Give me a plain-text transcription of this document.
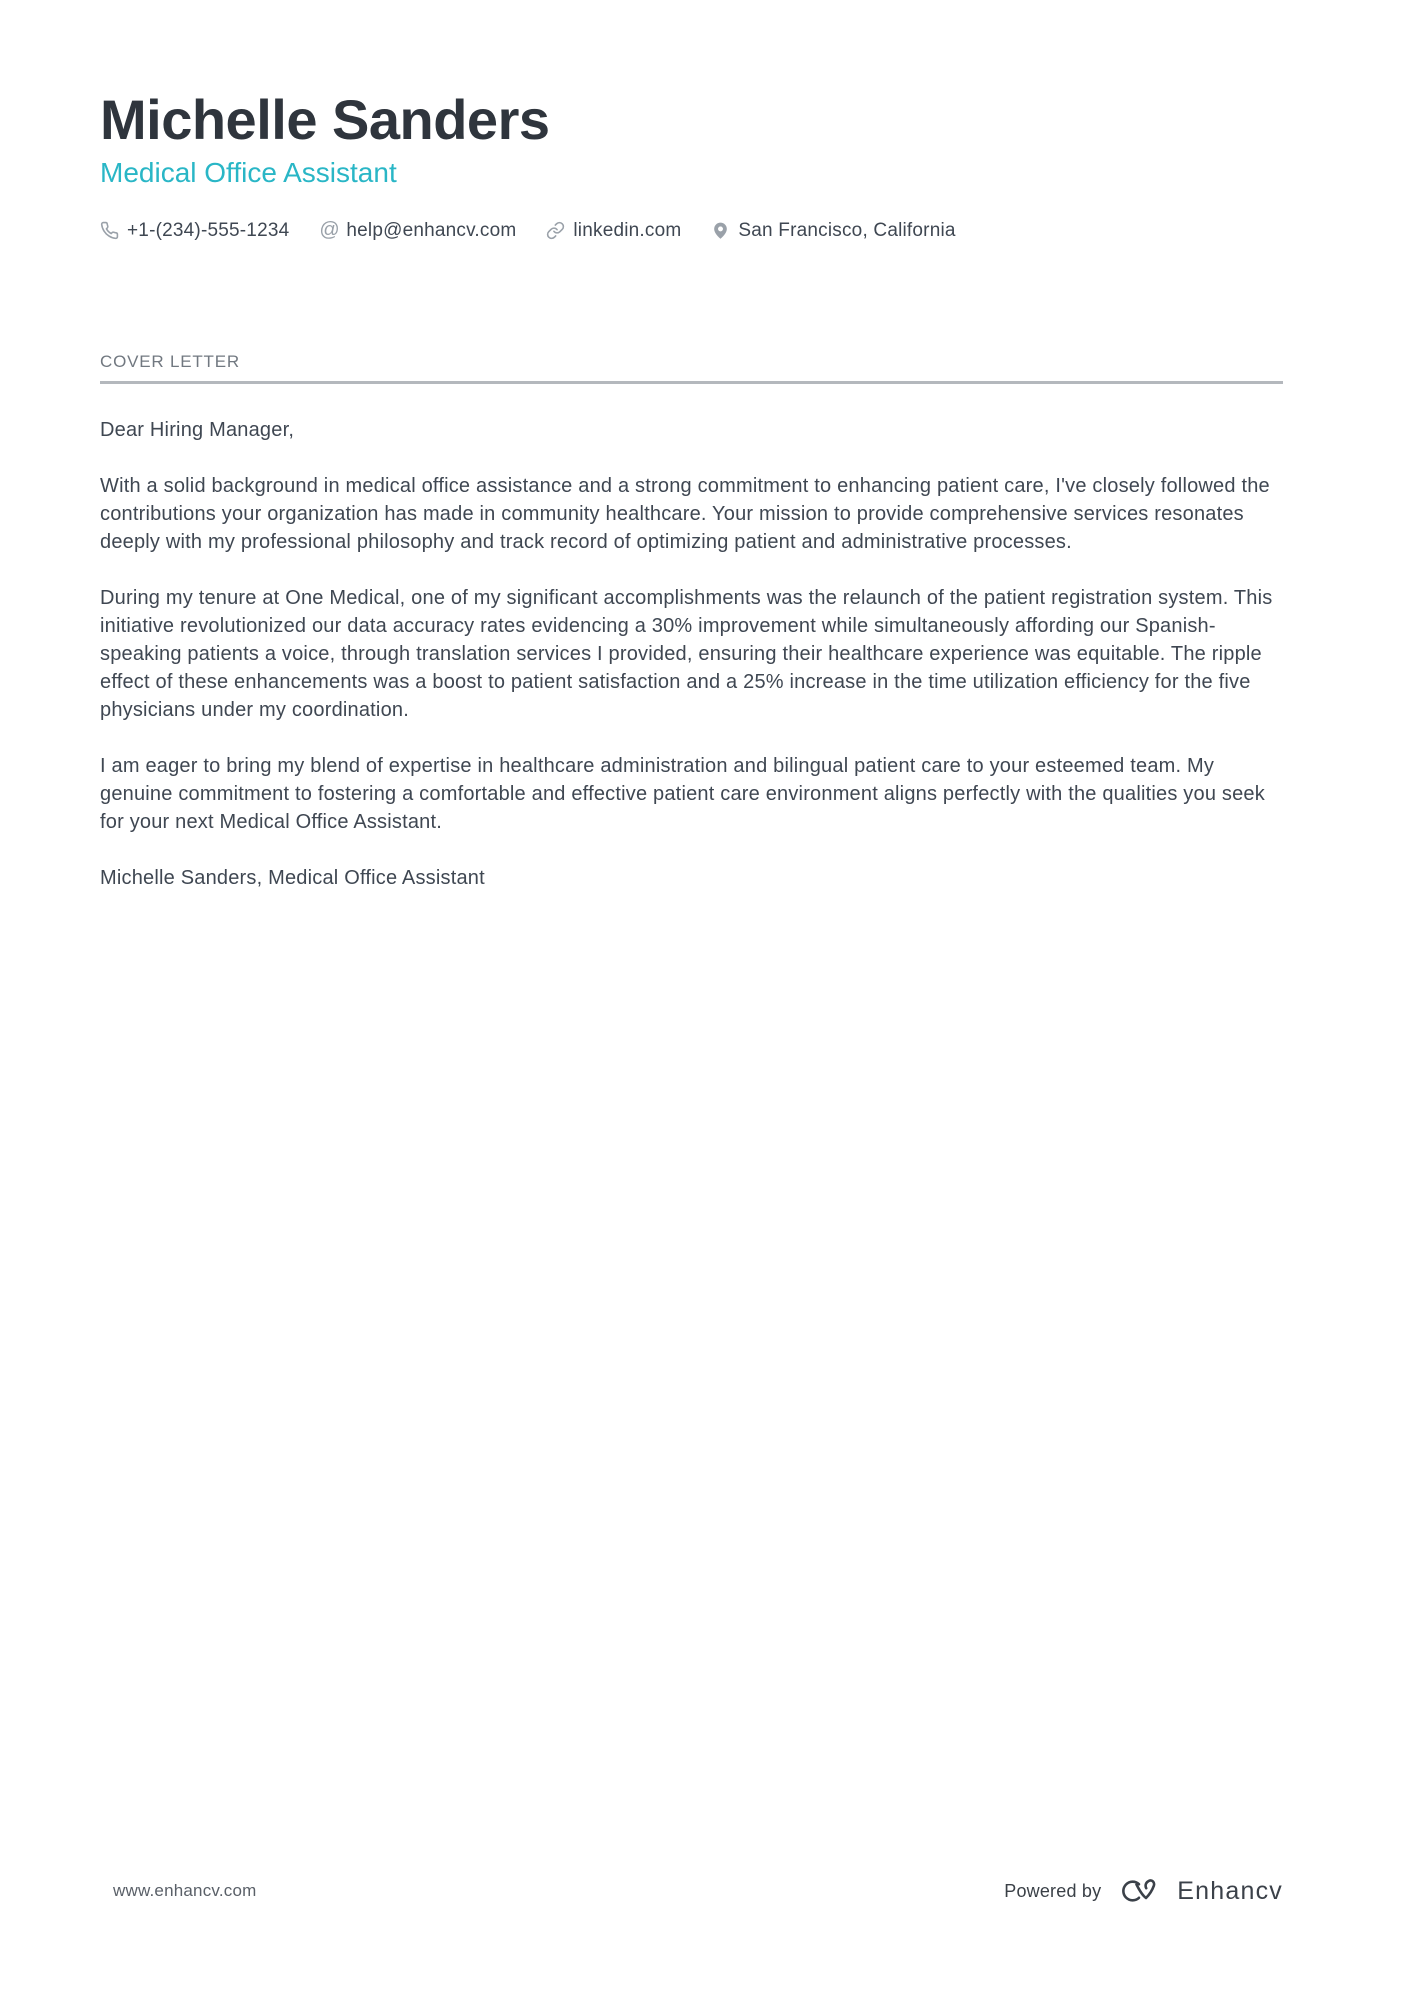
Michelle Sanders
Medical Office Assistant
+1-(234)-555-1234 @ help@enhancv.com	linkedin.com	San Francisco, California
COVER LETTER

Dear Hiring Manager,

With a solid background in medical office assistance and a strong commitment to enhancing patient care, I've closely followed the contributions your organization has made in community healthcare. Your mission to provide comprehensive services resonates deeply with my professional philosophy and track record of optimizing patient and administrative processes.

During my tenure at One Medical, one of my significant accomplishments was the relaunch of the patient registration system. This initiative revolutionized our data accuracy rates evidencing a 30% improvement while simultaneously affording our Spanish-speaking patients a voice, through translation services I provided, ensuring their healthcare experience was equitable. The ripple effect of these enhancements was a boost to patient satisfaction and a 25% increase in the time utilization efficiency for the five physicians under my coordination.

I am eager to bring my blend of expertise in healthcare administration and bilingual patient care to your esteemed team. My genuine commitment to fostering a comfortable and effective patient care environment aligns perfectly with the qualities you seek for your next Medical Office Assistant.

Michelle Sanders, Medical Office Assistant

www.enhancv.com	Powered by	Enhancv
